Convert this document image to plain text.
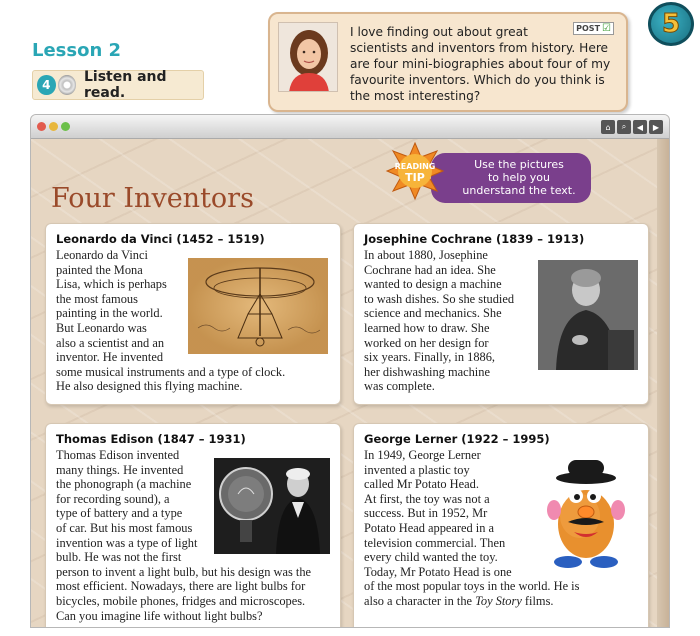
Lesson 2
4	Listen and read.
POST ☑
I love finding out about great
scientists and inventors from history. Here
are four mini-biographies about four of my
favourite inventors. Which do you think is
the most interesting?
5
⌂	⌕	◀	▶
Use the pictures
to help you
understand the text.
READING
TIP
Four Inventors
Leonardo da Vinci (1452 – 1519)
Leonardo da Vinci
painted the Mona
Lisa, which is perhaps
the most famous
painting in the world.
But Leonardo was
also a scientist and an
inventor. He invented
some musical instruments and a type of clock.
He also designed this flying machine.
Josephine Cochrane (1839 – 1913)
In about 1880, Josephine
Cochrane had an idea. She
wanted to design a machine
to wash dishes. So she studied
science and mechanics. She
learned how to draw. She
worked on her design for
six years. Finally, in 1886,
her dishwashing machine
was complete.
Thomas Edison (1847 – 1931)
Thomas Edison invented
many things. He invented
the phonograph (a machine
for recording sound), a
type of battery and a type
of car. But his most famous
invention was a type of light
bulb. He was not the first
person to invent a light bulb, but his design was the
most efficient. Nowadays, there are light bulbs for
bicycles, mobile phones, fridges and microscopes.
Can you imagine life without light bulbs?
George Lerner (1922 – 1995)
In 1949, George Lerner
invented a plastic toy
called Mr Potato Head.
At first, the toy was not a
success. But in 1952, Mr
Potato Head appeared in a
television commercial. Then
every child wanted the toy.
Today, Mr Potato Head is one
of the most popular toys in the world. He is
also a character in the Toy Story films.
